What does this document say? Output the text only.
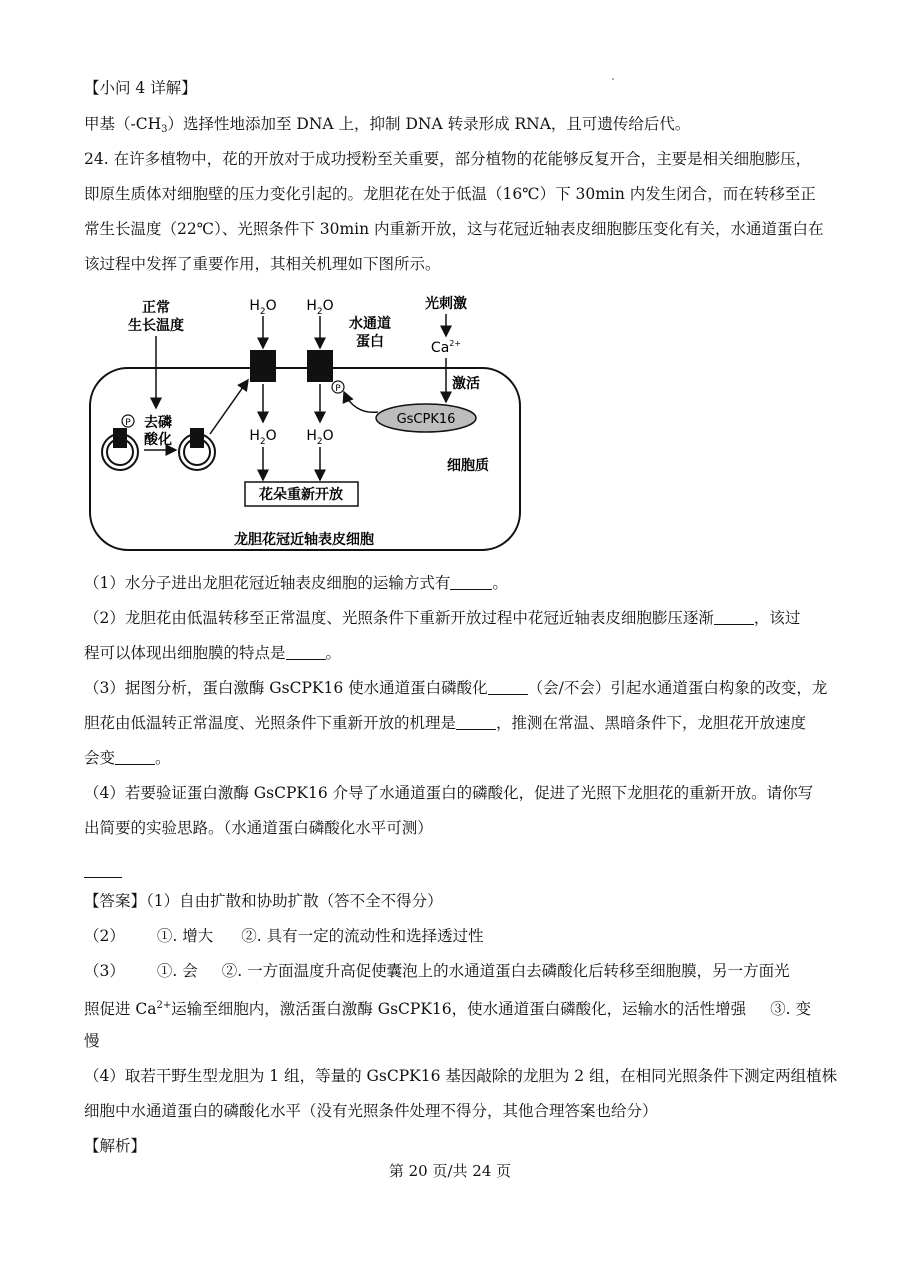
【小问 4 详解】
甲基$(-CH_3)$选择性地添加至 DNA 上，抑制 DNA 转录形成 RNA，且可遗传给后代。
24. 在许多植物中，花的开放对于成功授粉至关重要，部分植物的花能够反复开合，主要是相关细胞膨压，
即原生质体对细胞壁的压力变化引起的。龙胆花在处于低温（16℃）下 30min 内发生闭合，而在转移至正
常生长温度（22℃）、光照条件下 30min 内重新开放，这与花冠近轴表皮细胞膨压变化有关，水通道蛋白在
该过程中发挥了重要作用，其相关机理如下图所示。
正常
生长温度
去磷
酸化
P
$H_2O$ $H_2O$
水通道
蛋白
P
$H_2O$ $H_2O$
花朵重新开放
光刺激
$Ca^{2+}$
激活
GsCPK16
细胞质
龙胆花冠近轴表皮细胞
（1）水分子进出龙胆花冠近轴表皮细胞的运输方式有	。
（2）龙胆花由低温转移至正常温度、光照条件下重新开放过程中花冠近轴表皮细胞膨压逐渐	，该过
程可以体现出细胞膜的特点是	。
（3）据图分析，蛋白激酶 GsCPK16 使水通道蛋白磷酸化	（会/不会）引起水通道蛋白构象的改变，龙
胆花由低温转正常温度、光照条件下重新开放的机理是	，推测在常温、黑暗条件下，龙胆花开放速度
会变	。
（4）若要验证蛋白激酶 GsCPK16 介导了水通道蛋白的磷酸化，促进了光照下龙胆花的重新开放。请你写
出简要的实验思路。（水通道蛋白磷酸化水平可测）
【答案】（1）自由扩散和协助扩散（答不全不得分）
（2） ①. 增大 ②. 具有一定的流动性和选择透过性
（3） ①. 会 ②. 一方面温度升高促使囊泡上的水通道蛋白去磷酸化后转移至细胞膜，另一方面光
照促进 $Ca^{2+}$运输至细胞内，激活蛋白激酶 GsCPK16，使水通道蛋白磷酸化，运输水的活性增强 ③. 变
慢
（4）取若干野生型龙胆为 1 组，等量的 GsCPK16 基因敲除的龙胆为 2 组，在相同光照条件下测定两组植株
细胞中水通道蛋白的磷酸化水平（没有光照条件处理不得分，其他合理答案也给分）
【解析】
第 20 页/共 24 页
